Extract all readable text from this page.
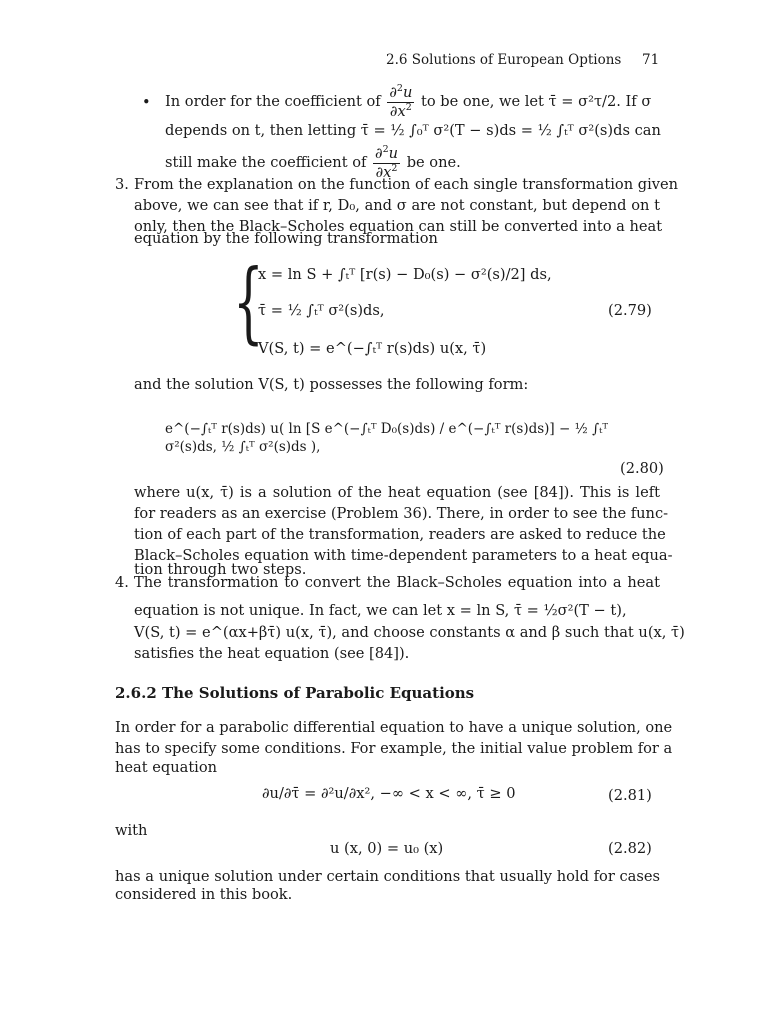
2.6 Solutions of European Options 71
• In order for the coefficient of $\frac{\partial^2u}{\partial x^2}$ to be one, we let τ̄ = σ²τ/2. If σ
depends on t, then letting τ̄ = ½ ∫₀ᵀ σ²(T − s)ds = ½ ∫ₜᵀ σ²(s)ds can
still make the coefficient of $\frac{\partial^2u}{\partial x^2}$ be one.
3. From the explanation on the function of each single transformation given
above, we can see that if r, D₀, and σ are not constant, but depend on t
only, then the Black–Scholes equation can still be converted into a heat
equation by the following transformation
{
x = ln S + ∫ₜᵀ [r(s) − D₀(s) − σ²(s)/2] ds,
τ̄ = ½ ∫ₜᵀ σ²(s)ds,
V(S, t) = e^(−∫ₜᵀ r(s)ds) u(x, τ̄)
(2.79)
and the solution V(S, t) possesses the following form:
e^(−∫ₜᵀ r(s)ds) u( ln [S e^(−∫ₜᵀ D₀(s)ds) / e^(−∫ₜᵀ r(s)ds)] − ½ ∫ₜᵀ σ²(s)ds, ½ ∫ₜᵀ σ²(s)ds ),
(2.80)
where u(x, τ̄) is a solution of the heat equation (see [84]). This is left
for readers as an exercise (Problem 36). There, in order to see the func-
tion of each part of the transformation, readers are asked to reduce the
Black–Scholes equation with time-dependent parameters to a heat equa-
tion through two steps.
4. The transformation to convert the Black–Scholes equation into a heat
equation is not unique. In fact, we can let x = ln S, τ̄ = ½σ²(T − t),
V(S, t) = e^(αx+βτ̄) u(x, τ̄), and choose constants α and β such that u(x, τ̄)
satisfies the heat equation (see [84]).
2.6.2 The Solutions of Parabolic Equations
In order for a parabolic differential equation to have a unique solution, one
has to specify some conditions. For example, the initial value problem for a
heat equation
∂u/∂τ̄ = ∂²u/∂x², −∞ < x < ∞, τ̄ ≥ 0	(2.81)
with
u (x, 0) = u₀ (x)	(2.82)
has a unique solution under certain conditions that usually hold for cases
considered in this book.
